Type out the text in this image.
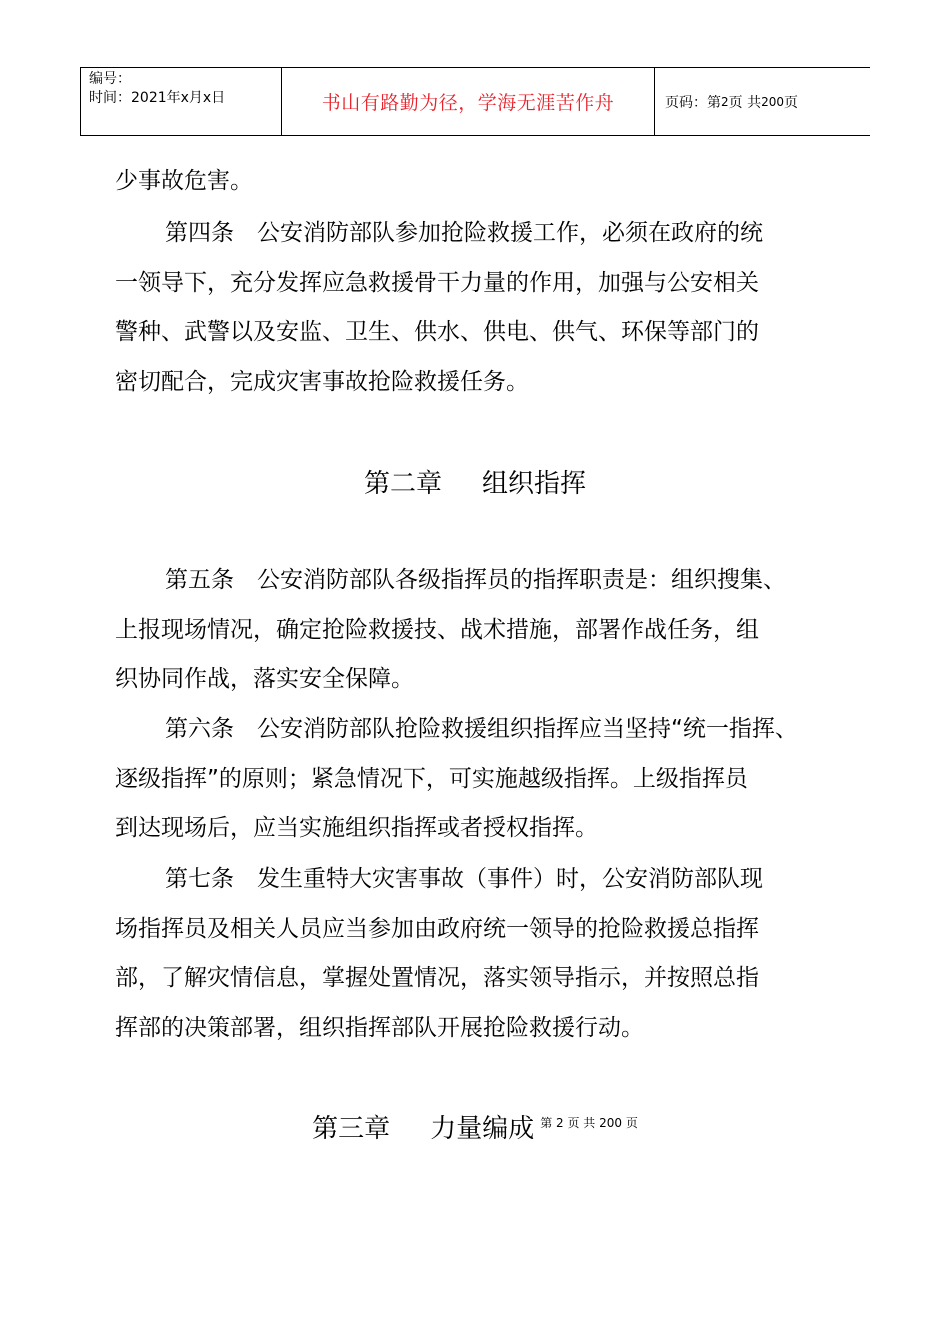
编号：
时间：2021年x月x日	书山有路勤为径，学海无涯苦作舟	页码：第 2 页 共 200 页
少事故危害。
第四条　公安消防部队参加抢险救援工作，必须在政府的统
一领导下，充分发挥应急救援骨干力量的作用，加强与公安相关
警种、武警以及安监、卫生、供水、供电、供气、环保等部门的
密切配合，完成灾害事故抢险救援任务。
第二章 组织指挥
第五条　公安消防部队各级指挥员的指挥职责是：组织搜集、
上报现场情况，确定抢险救援技、战术措施，部署作战任务，组
织协同作战，落实安全保障。
第六条　公安消防部队抢险救援组织指挥应当坚持“统一指挥、
逐级指挥”的原则；紧急情况下，可实施越级指挥。上级指挥员
到达现场后，应当实施组织指挥或者授权指挥。
第七条　发生重特大灾害事故（事件）时，公安消防部队现
场指挥员及相关人员应当参加由政府统一领导的抢险救援总指挥
部，了解灾情信息，掌握处置情况，落实领导指示，并按照总指
挥部的决策部署，组织指挥部队开展抢险救援行动。
第三章 力量编成 $^{第 2 页 共 200 页}$
